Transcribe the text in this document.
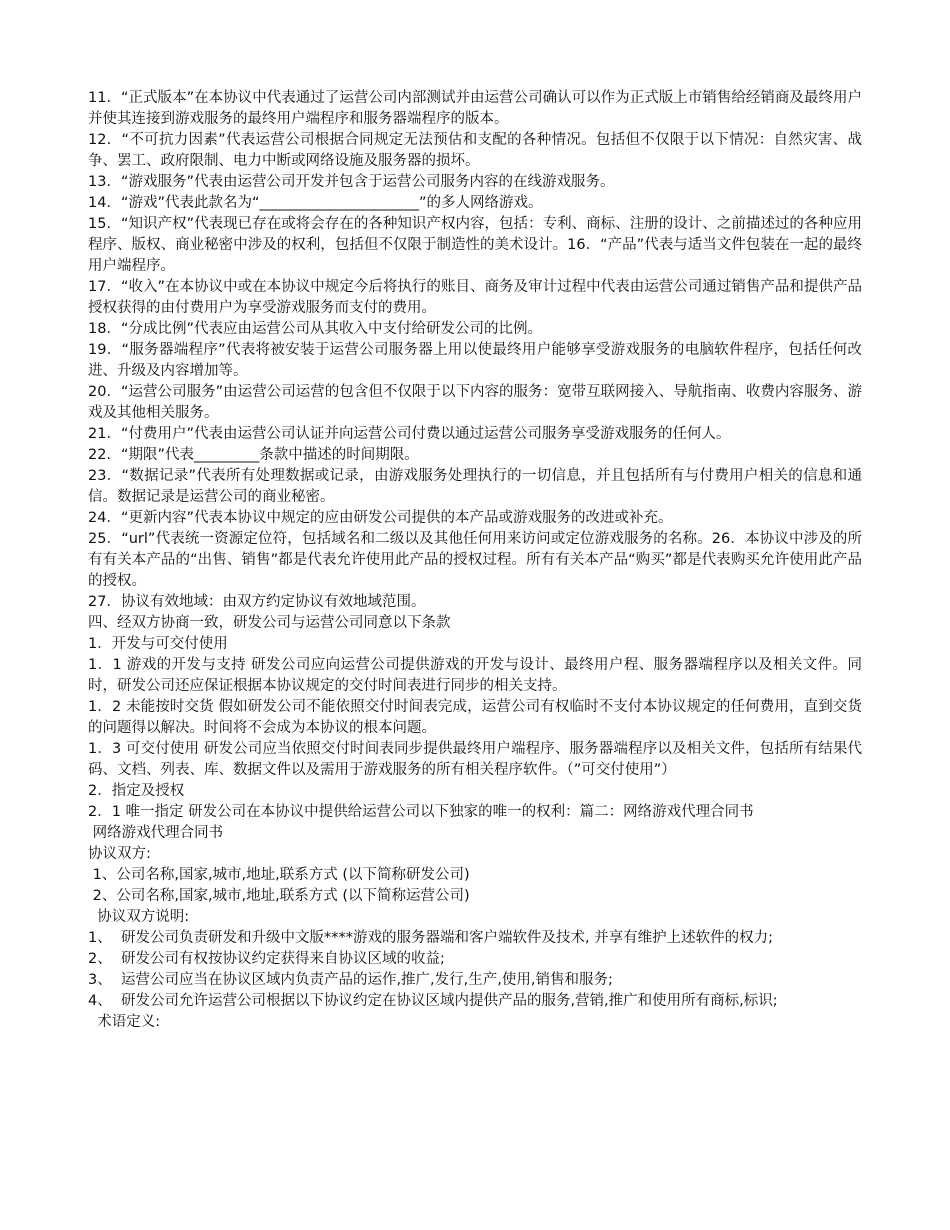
11．“正式版本”在本协议中代表通过了运营公司内部测试并由运营公司确认可以作为正式版上市销售给经销商及最终用户并使其连接到游戏服务的最终用户端程序和服务器端程序的版本。

12．“不可抗力因素”代表运营公司根据合同规定无法预估和支配的各种情况。包括但不仅限于以下情况：自然灾害、战争、罢工、政府限制、电力中断或网络设施及服务器的损坏。

13．“游戏服务”代表由运营公司开发并包含于运营公司服务内容的在线游戏服务。

14．“游戏”代表此款名为“______________________”的多人网络游戏。

15．“知识产权”代表现已存在或将会存在的各种知识产权内容，包括：专利、商标、注册的设计、之前描述过的各种应用程序、版权、商业秘密中涉及的权利，包括但不仅限于制造性的美术设计。16．“产品”代表与适当文件包装在一起的最终用户端程序。

17．“收入”在本协议中或在本协议中规定今后将执行的账目、商务及审计过程中代表由运营公司通过销售产品和提供产品授权获得的由付费用户为享受游戏服务而支付的费用。

18．“分成比例”代表应由运营公司从其收入中支付给研发公司的比例。

19．“服务器端程序”代表将被安装于运营公司服务器上用以使最终用户能够享受游戏服务的电脑软件程序，包括任何改进、升级及内容增加等。

20．“运营公司服务”由运营公司运营的包含但不仅限于以下内容的服务：宽带互联网接入、导航指南、收费内容服务、游戏及其他相关服务。

21．“付费用户”代表由运营公司认证并向运营公司付费以通过运营公司服务享受游戏服务的任何人。

22．“期限”代表_________条款中描述的时间期限。

23．“数据记录”代表所有处理数据或记录，由游戏服务处理执行的一切信息，并且包括所有与付费用户相关的信息和通信。数据记录是运营公司的商业秘密。

24．“更新内容”代表本协议中规定的应由研发公司提供的本产品或游戏服务的改进或补充。

25．“url”代表统一资源定位符，包括域名和二级以及其他任何用来访问或定位游戏服务的名称。26．本协议中涉及的所有有关本产品的“出售、销售”都是代表允许使用此产品的授权过程。所有有关本产品“购买”都是代表购买允许使用此产品的授权。

27．协议有效地域：由双方约定协议有效地域范围。

四、经双方协商一致，研发公司与运营公司同意以下条款

1．开发与可交付使用

1．1 游戏的开发与支持 研发公司应向运营公司提供游戏的开发与设计、最终用户程、服务器端程序以及相关文件。同时，研发公司还应保证根据本协议规定的交付时间表进行同步的相关支持。

1．2 未能按时交货 假如研发公司不能依照交付时间表完成，运营公司有权临时不支付本协议规定的任何费用，直到交货的问题得以解决。时间将不会成为本协议的根本问题。

1．3 可交付使用 研发公司应当依照交付时间表同步提供最终用户端程序、服务器端程序以及相关文件，包括所有结果代码、文档、列表、库、数据文件以及需用于游戏服务的所有相关程序软件。（”可交付使用”）

2．指定及授权

2．1 唯一指定 研发公司在本协议中提供给运营公司以下独家的唯一的权利：篇二：网络游戏代理合同书

网络游戏代理合同书

协议双方:

1、公司名称,国家,城市,地址,联系方式 (以下简称研发公司)

2、公司名称,国家,城市,地址,联系方式 (以下简称运营公司)

协议双方说明:

1、  研发公司负责研发和升级中文版****游戏的服务器端和客户端软件及技术, 并享有维护上述软件的权力;

2、  研发公司有权按协议约定获得来自协议区域的收益;

3、  运营公司应当在协议区域内负责产品的运作,推广,发行,生产,使用,销售和服务;

4、  研发公司允许运营公司根据以下协议约定在协议区域内提供产品的服务,营销,推广和使用所有商标,标识;

术语定义:
